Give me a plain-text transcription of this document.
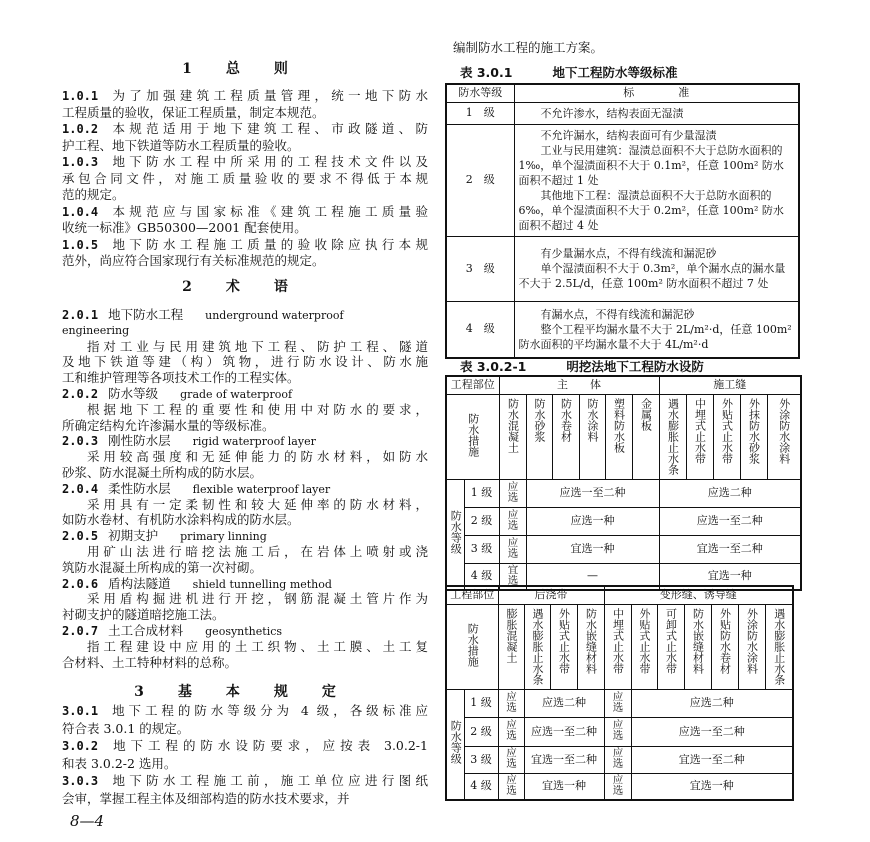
1 总 则
1.0.1 为了加强建筑工程质量管理，统一地下防水
工程质量的验收，保证工程质量，制定本规范。
1.0.2 本规范适用于地下建筑工程、市政隧道、防
护工程、地下铁道等防水工程质量的验收。
1.0.3 地下防水工程中所采用的工程技术文件以及
承包合同文件，对施工质量验收的要求不得低于本规
范的规定。
1.0.4 本规范应与国家标准《建筑工程施工质量验
收统一标准》GB50300—2001 配套使用。
1.0.5 地下防水工程施工质量的验收除应执行本规
范外，尚应符合国家现行有关标准规范的规定。
2 术 语
2.0.1 地下防水工程 underground waterproof
engineering
指对工业与民用建筑地下工程、防护工程、隧道
及地下铁道等建（构）筑物，进行防水设计、防水施
工和维护管理等各项技术工作的工程实体。
2.0.2 防水等级 grade of waterproof
根据地下工程的重要性和使用中对防水的要求，
所确定结构允许渗漏水量的等级标准。
2.0.3 刚性防水层 rigid waterproof layer
采用较高强度和无延伸能力的防水材料，如防水
砂浆、防水混凝土所构成的防水层。
2.0.4 柔性防水层 flexible waterproof layer
采用具有一定柔韧性和较大延伸率的防水材料，
如防水卷材、有机防水涂料构成的防水层。
2.0.5 初期支护 primary linning
用矿山法进行暗挖法施工后，在岩体上喷射或浇
筑防水混凝土所构成的第一次衬砌。
2.0.6 盾构法隧道 shield tunnelling method
采用盾构掘进机进行开挖，钢筋混凝土管片作为
衬砌支护的隧道暗挖施工法。
2.0.7 土工合成材料 geosynthetics
指工程建设中应用的土工织物、土工膜、土工复
合材料、土工特种材料的总称。
3 基 本 规 定
3.0.1 地下工程的防水等级分为 4 级，各级标准应
符合表 3.0.1 的规定。
3.0.2 地下工程的防水设防要求，应按表 3.0.2-1
和表 3.0.2-2 选用。
3.0.3 地下防水工程施工前，施工单位应进行图纸
会审，掌握工程主体及细部构造的防水技术要求，并
8—4
编制防水工程的施工方案。
表 3.0.1	地下工程防水等级标准
防水等级	标　　　　准
1　级	不允许渗水，结构表面无湿渍

2　级	不允许漏水，结构表面可有少量湿渍
工业与民用建筑：湿渍总面积不大于总防水面积的 1‰，单个湿渍面积不大于 0.1m²，任意 100m² 防水面积不超过 1 处
其他地下工程：湿渍总面积不大于总防水面积的 6‰，单个湿渍面积不大于 0.2m²，任意 100m² 防水面积不超过 4 处

3　级	有少量漏水点，不得有线流和漏泥砂
单个湿渍面积不大于 0.3m²，单个漏水点的漏水量不大于 2.5L/d，任意 100m² 防水面积不超过 7 处

4　级	有漏水点，不得有线流和漏泥砂
整个工程平均漏水量不大于 2L/m²·d，任意 100m² 防水面积的平均漏水量不大于 4L/m²·d
表 3.0.2-1	明挖法地下工程防水设防
工程部位		主　　体						施工缝				
防水措施		防水混凝土	防水砂浆	防水卷材	防水涂料	塑料防水板	金属板	遇水膨胀止水条	中埋式止水带	外贴式止水带	外抹防水砂浆	外涂防水涂料
防水等级	1 级	应选	应选一至二种					应选二种				
	2 级	应选	应选一种					应选一至二种				
	3 级	应选	宜选一种					宜选一至二种				
	4 级	宜选	—					宜选一种				
工程部位		后浇带				变形缝、诱导缝						
防水措施		膨胀混凝土	遇水膨胀止水条	外贴式止水带	防水嵌缝材料	中埋式止水带	外贴式止水带	可卸式止水带	防水嵌缝材料	外贴防水卷材	外涂防水涂料	遇水膨胀止水条
防水等级	1 级	应选	应选二种			应选	应选二种					
	2 级	应选	应选一至二种			应选	应选一至二种					
	3 级	应选	宜选一至二种			应选	宜选一至二种					
	4 级	应选	宜选一种			应选	宜选一种					
